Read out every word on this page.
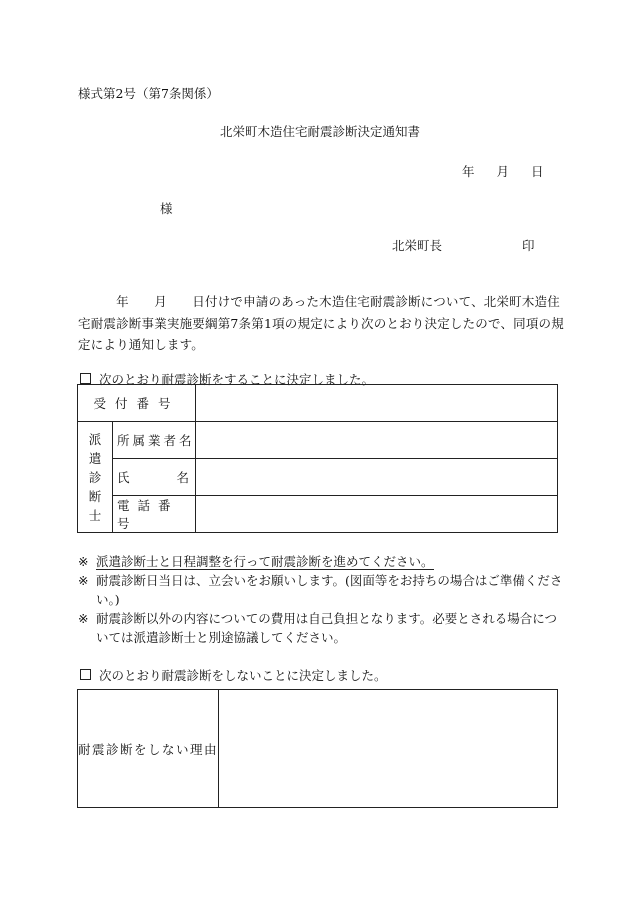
様式第2号（第7条関係）
北栄町木造住宅耐震診断決定通知書
年 月 日
様
北栄町長	印
　　　年　　月　　日付けで申請のあった木造住宅耐震診断について、北栄町木造住宅耐震診断事業実施要綱第7条第1項の規定により次のとおり決定したので、同項の規定により通知します。
次のとおり耐震診断をすることに決定しました。
受付番号		

派
遣
診
断
士	所属業者名	

	氏 名	

	電話番号	
※ 派遣診断士と日程調整を行って耐震診断を進めてください。
※ 耐震診断日当日は、立会いをお願いします。(図面等をお持ちの場合はご準備ください。)
※ 耐震診断以外の内容についての費用は自己負担となります。必要とされる場合については派遣診断士と別途協議してください。
次のとおり耐震診断をしないことに決定しました。
耐震診断をしない理由	
